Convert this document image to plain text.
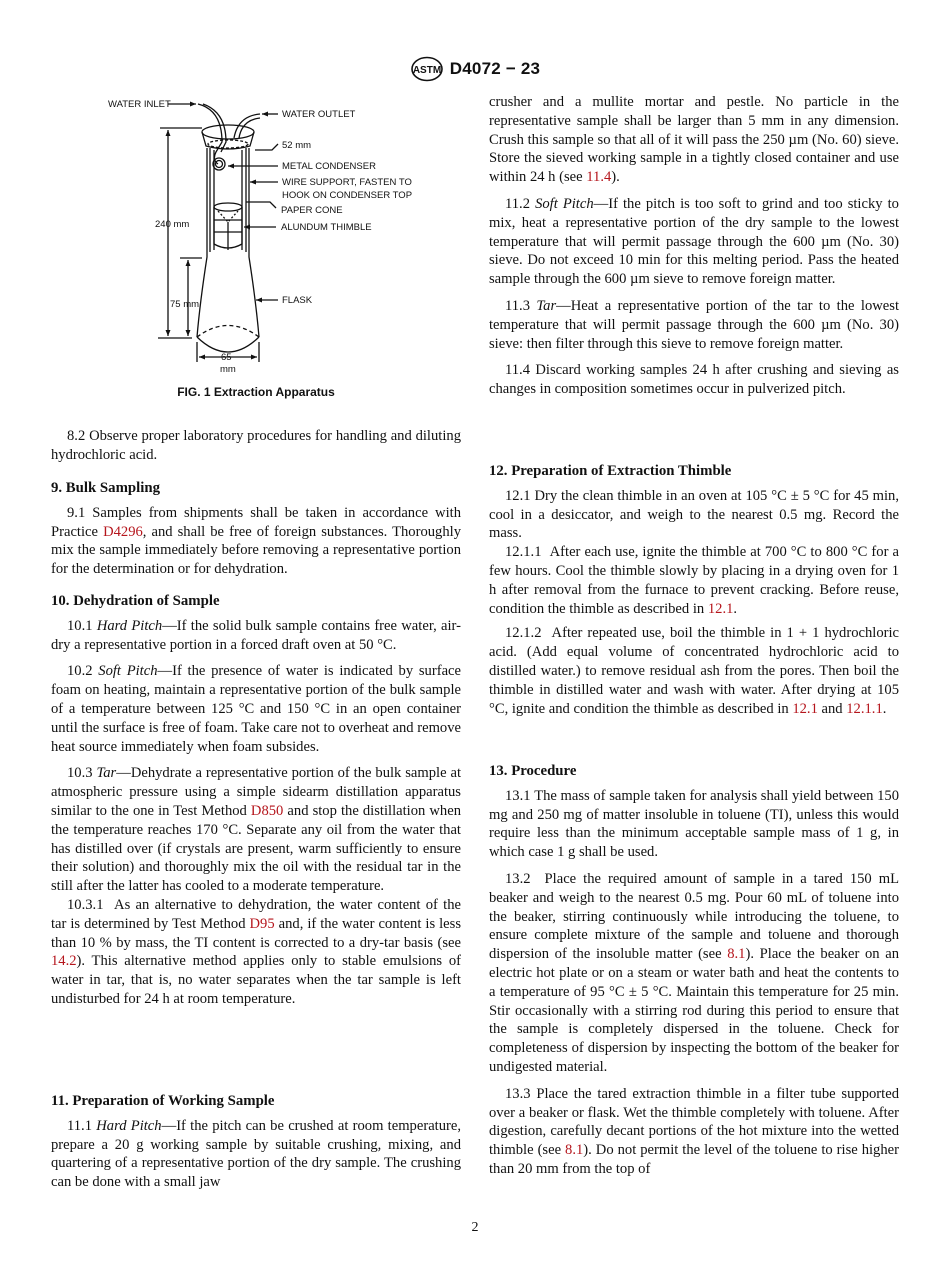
ASTM D4072 − 23
WATER INLET
WATER OUTLET
52 mm
METAL CONDENSER
WIRE SUPPORT, FASTEN TO
HOOK ON CONDENSER TOP
PAPER CONE
ALUNDUM THIMBLE
240 mm
75 mm	FLASK
65
mm
FIG. 1 Extraction Apparatus

8.2 Observe proper laboratory procedures for handling and diluting hydrochloric acid.

9. Bulk Sampling

9.1 Samples from shipments shall be taken in accordance with Practice D4296, and shall be free of foreign substances. Thoroughly mix the sample immediately before removing a representative portion for the determination or for dehydration.

10. Dehydration of Sample

10.1 Hard Pitch—If the solid bulk sample contains free water, air-dry a representative portion in a forced draft oven at 50 °C.

10.2 Soft Pitch—If the presence of water is indicated by surface foam on heating, maintain a representative portion of the bulk sample of a temperature between 125 °C and 150 °C in an open container until the surface is free of foam. Take care not to overheat and remove heat source immediately when foam subsides.

10.3 Tar—Dehydrate a representative portion of the bulk sample at atmospheric pressure using a simple sidearm distillation apparatus similar to the one in Test Method D850 and stop the distillation when the temperature reaches 170 °C. Separate any oil from the water that has distilled over (if crystals are present, warm sufficiently to ensure their solution) and thoroughly mix the oil with the residual tar in the still after the latter has cooled to a moderate temperature.

10.3.1 As an alternative to dehydration, the water content of the tar is determined by Test Method D95 and, if the water content is less than 10 % by mass, the TI content is corrected to a dry-tar basis (see 14.2). This alternative method applies only to stable emulsions of water in tar, that is, no water separates when the tar sample is left undisturbed for 24 h at room temperature.

11. Preparation of Working Sample

11.1 Hard Pitch—If the pitch can be crushed at room temperature, prepare a 20 g working sample by suitable crushing, mixing, and quartering of a representative portion of the dry sample. The crushing can be done with a small jaw

crusher and a mullite mortar and pestle. No particle in the representative sample shall be larger than 5 mm in any dimension. Crush this sample so that all of it will pass the 250 µm (No. 60) sieve. Store the sieved working sample in a tightly closed container and use within 24 h (see 11.4).

11.2 Soft Pitch—If the pitch is too soft to grind and too sticky to mix, heat a representative portion of the dry sample to the lowest temperature that will permit passage through the 600 µm (No. 30) sieve. Do not exceed 10 min for this melting period. Pass the heated sample through the 600 µm sieve to remove foreign matter.

11.3 Tar—Heat a representative portion of the tar to the lowest temperature that will permit passage through the 600 µm (No. 30) sieve: then filter through this sieve to remove foreign matter.

11.4 Discard working samples 24 h after crushing and sieving as changes in composition sometimes occur in pulverized pitch.

12. Preparation of Extraction Thimble

12.1 Dry the clean thimble in an oven at 105 °C ± 5 °C for 45 min, cool in a desiccator, and weigh to the nearest 0.5 mg. Record the mass.

12.1.1 After each use, ignite the thimble at 700 °C to 800 °C for a few hours. Cool the thimble slowly by placing in a drying oven for 1 h after removal from the furnace to prevent cracking. Before reuse, condition the thimble as described in 12.1.

12.1.2 After repeated use, boil the thimble in 1 + 1 hydrochloric acid. (Add equal volume of concentrated hydrochloric acid to distilled water.) to remove residual ash from the pores. Then boil the thimble in distilled water and wash with water. After drying at 105 °C, ignite and condition the thimble as described in 12.1 and 12.1.1.

13. Procedure

13.1 The mass of sample taken for analysis shall yield between 150 mg and 250 mg of matter insoluble in toluene (TI), unless this would require less than the minimum acceptable sample mass of 1 g, in which case 1 g shall be used.

13.2 Place the required amount of sample in a tared 150 mL beaker and weigh to the nearest 0.5 mg. Pour 60 mL of toluene into the beaker, stirring continuously while introducing the toluene, to ensure complete mixture of the sample and toluene and thorough dispersion of the insoluble matter (see 8.1). Place the beaker on an electric hot plate or on a steam or water bath and heat the contents to a temperature of 95 °C ± 5 °C. Maintain this temperature for 25 min. Stir occasionally with a stirring rod during this period to ensure that the sample is completely dispersed in the toluene. Check for completeness of dispersion by inspecting the bottom of the beaker for undigested material.

13.3 Place the tared extraction thimble in a filter tube supported over a beaker or flask. Wet the thimble completely with toluene. After digestion, carefully decant portions of the hot mixture into the wetted thimble (see 8.1). Do not permit the level of the toluene to rise higher than 20 mm from the top of

2
